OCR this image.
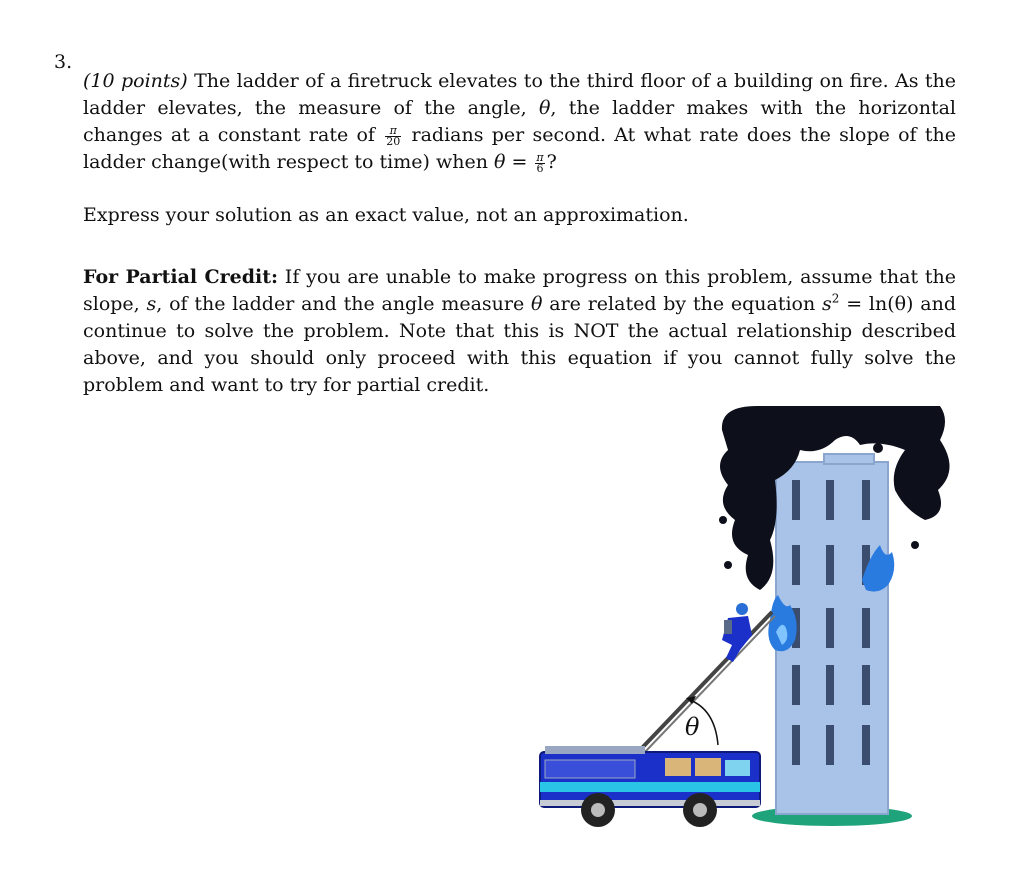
3.

(10 points) The ladder of a firetruck elevates to the third floor of a building on fire. As the ladder elevates, the measure of the angle, θ, the ladder makes with the horizontal changes at a constant rate of $\frac{\pi}{20}$ radians per second. At what rate does the slope of the ladder change(with respect to time) when $\theta = \frac{\pi}{6}$ ?

Express your solution as an exact value, not an approximation.

For Partial Credit: If you are unable to make progress on this problem, assume that the slope, s, of the ladder and the angle measure θ are related by the equation $s^2 = \ln(\theta)$ and continue to solve the problem. Note that this is NOT the actual relationship described above, and you should only proceed with this equation if you cannot fully solve the problem and want to try for partial credit.

θ
